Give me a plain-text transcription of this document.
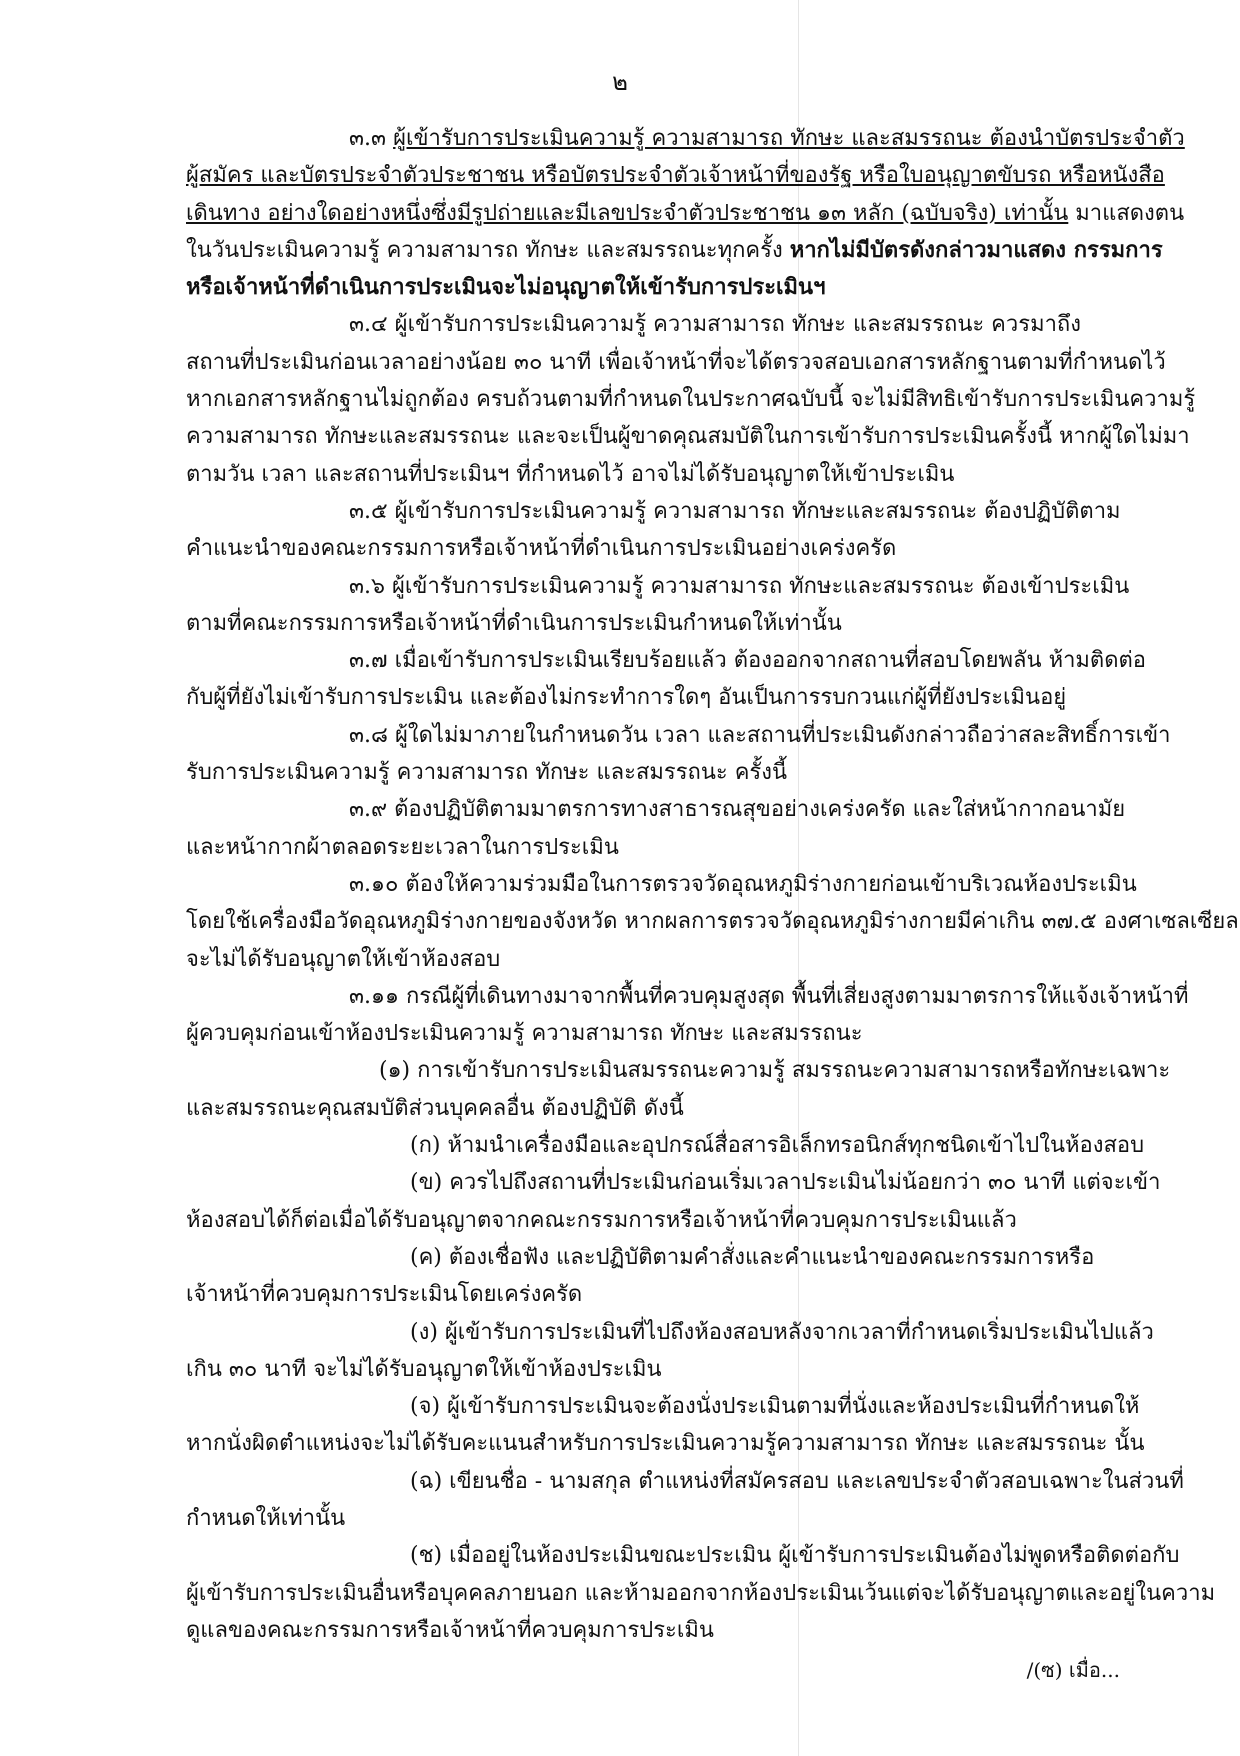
๒
๓.๓ ผู้เข้ารับการประเมินความรู้ ความสามารถ ทักษะ และสมรรถนะ ต้องนำบัตรประจำตัว
ผู้สมัคร และบัตรประจำตัวประชาชน หรือบัตรประจำตัวเจ้าหน้าที่ของรัฐ หรือใบอนุญาตขับรถ หรือหนังสือ
เดินทาง อย่างใดอย่างหนึ่งซึ่งมีรูปถ่ายและมีเลขประจำตัวประชาชน ๑๓ หลัก (ฉบับจริง) เท่านั้น มาแสดงตน
ในวันประเมินความรู้ ความสามารถ ทักษะ และสมรรถนะทุกครั้ง หากไม่มีบัตรดังกล่าวมาแสดง กรรมการ
หรือเจ้าหน้าที่ดำเนินการประเมินจะไม่อนุญาตให้เข้ารับการประเมินฯ
๓.๔ ผู้เข้ารับการประเมินความรู้ ความสามารถ ทักษะ และสมรรถนะ ควรมาถึง
สถานที่ประเมินก่อนเวลาอย่างน้อย ๓๐ นาที เพื่อเจ้าหน้าที่จะได้ตรวจสอบเอกสารหลักฐานตามที่กำหนดไว้
หากเอกสารหลักฐานไม่ถูกต้อง ครบถ้วนตามที่กำหนดในประกาศฉบับนี้ จะไม่มีสิทธิเข้ารับการประเมินความรู้
ความสามารถ ทักษะและสมรรถนะ และจะเป็นผู้ขาดคุณสมบัติในการเข้ารับการประเมินครั้งนี้ หากผู้ใดไม่มา
ตามวัน เวลา และสถานที่ประเมินฯ ที่กำหนดไว้ อาจไม่ได้รับอนุญาตให้เข้าประเมิน
๓.๕ ผู้เข้ารับการประเมินความรู้ ความสามารถ ทักษะและสมรรถนะ ต้องปฏิบัติตาม
คำแนะนำของคณะกรรมการหรือเจ้าหน้าที่ดำเนินการประเมินอย่างเคร่งครัด
๓.๖ ผู้เข้ารับการประเมินความรู้ ความสามารถ ทักษะและสมรรถนะ ต้องเข้าประเมิน
ตามที่คณะกรรมการหรือเจ้าหน้าที่ดำเนินการประเมินกำหนดให้เท่านั้น
๓.๗ เมื่อเข้ารับการประเมินเรียบร้อยแล้ว ต้องออกจากสถานที่สอบโดยพลัน ห้ามติดต่อ
กับผู้ที่ยังไม่เข้ารับการประเมิน และต้องไม่กระทำการใดๆ อันเป็นการรบกวนแก่ผู้ที่ยังประเมินอยู่
๓.๘ ผู้ใดไม่มาภายในกำหนดวัน เวลา และสถานที่ประเมินดังกล่าวถือว่าสละสิทธิ์การเข้า
รับการประเมินความรู้ ความสามารถ ทักษะ และสมรรถนะ ครั้งนี้
๓.๙ ต้องปฏิบัติตามมาตรการทางสาธารณสุขอย่างเคร่งครัด และใส่หน้ากากอนามัย
และหน้ากากผ้าตลอดระยะเวลาในการประเมิน
๓.๑๐ ต้องให้ความร่วมมือในการตรวจวัดอุณหภูมิร่างกายก่อนเข้าบริเวณห้องประเมิน
โดยใช้เครื่องมือวัดอุณหภูมิร่างกายของจังหวัด หากผลการตรวจวัดอุณหภูมิร่างกายมีค่าเกิน ๓๗.๕ องศาเซลเซียล
จะไม่ได้รับอนุญาตให้เข้าห้องสอบ
๓.๑๑ กรณีผู้ที่เดินทางมาจากพื้นที่ควบคุมสูงสุด พื้นที่เสี่ยงสูงตามมาตรการให้แจ้งเจ้าหน้าที่
ผู้ควบคุมก่อนเข้าห้องประเมินความรู้ ความสามารถ ทักษะ และสมรรถนะ
(๑) การเข้ารับการประเมินสมรรถนะความรู้ สมรรถนะความสามารถหรือทักษะเฉพาะ
และสมรรถนะคุณสมบัติส่วนบุคคลอื่น ต้องปฏิบัติ ดังนี้
(ก) ห้ามนำเครื่องมือและอุปกรณ์สื่อสารอิเล็กทรอนิกส์ทุกชนิดเข้าไปในห้องสอบ
(ข) ควรไปถึงสถานที่ประเมินก่อนเริ่มเวลาประเมินไม่น้อยกว่า ๓๐ นาที แต่จะเข้า
ห้องสอบได้ก็ต่อเมื่อได้รับอนุญาตจากคณะกรรมการหรือเจ้าหน้าที่ควบคุมการประเมินแล้ว
(ค) ต้องเชื่อฟัง และปฏิบัติตามคำสั่งและคำแนะนำของคณะกรรมการหรือ
เจ้าหน้าที่ควบคุมการประเมินโดยเคร่งครัด
(ง) ผู้เข้ารับการประเมินที่ไปถึงห้องสอบหลังจากเวลาที่กำหนดเริ่มประเมินไปแล้ว
เกิน ๓๐ นาที จะไม่ได้รับอนุญาตให้เข้าห้องประเมิน
(จ) ผู้เข้ารับการประเมินจะต้องนั่งประเมินตามที่นั่งและห้องประเมินที่กำหนดให้
หากนั่งผิดตำแหน่งจะไม่ได้รับคะแนนสำหรับการประเมินความรู้ความสามารถ ทักษะ และสมรรถนะ นั้น
(ฉ) เขียนชื่อ - นามสกุล ตำแหน่งที่สมัครสอบ และเลขประจำตัวสอบเฉพาะในส่วนที่
กำหนดให้เท่านั้น
(ช) เมื่ออยู่ในห้องประเมินขณะประเมิน ผู้เข้ารับการประเมินต้องไม่พูดหรือติดต่อกับ
ผู้เข้ารับการประเมินอื่นหรือบุคคลภายนอก และห้ามออกจากห้องประเมินเว้นแต่จะได้รับอนุญาตและอยู่ในความ
ดูแลของคณะกรรมการหรือเจ้าหน้าที่ควบคุมการประเมิน
/(ซ) เมื่อ...
